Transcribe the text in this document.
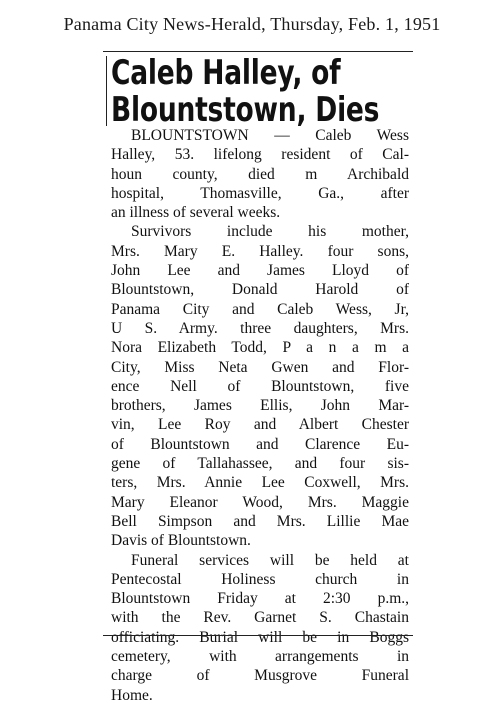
Panama City News-Herald, Thursday, Feb. 1, 1951
Caleb Halley, of
Blountstown, Dies
BLOUNTSTOWN — Caleb Wess
Halley, 53. lifelong resident of Cal-
houn county, died m Archibald
hospital, Thomasville, Ga., after
an illness of several weeks.
Survivors include his mother,
Mrs. Mary E. Halley. four sons,
John Lee and James Lloyd of
Blountstown, Donald Harold of
Panama City and Caleb Wess, Jr,
U S. Army. three daughters, Mrs.
Nora Elizabeth Todd, P a n a m a
City, Miss Neta Gwen and Flor-
ence Nell of Blountstown, five
brothers, James Ellis, John Mar-
vin, Lee Roy and Albert Chester
of Blountstown and Clarence Eu-
gene of Tallahassee, and four sis-
ters, Mrs. Annie Lee Coxwell, Mrs.
Mary Eleanor Wood, Mrs. Maggie
Bell Simpson and Mrs. Lillie Mae
Davis of Blountstown.
Funeral services will be held at
Pentecostal Holiness church in
Blountstown Friday at 2:30 p.m.,
with the Rev. Garnet S. Chastain
officiating. Burial will be in Boggs
cemetery, with arrangements in
charge of Musgrove Funeral
Home.
